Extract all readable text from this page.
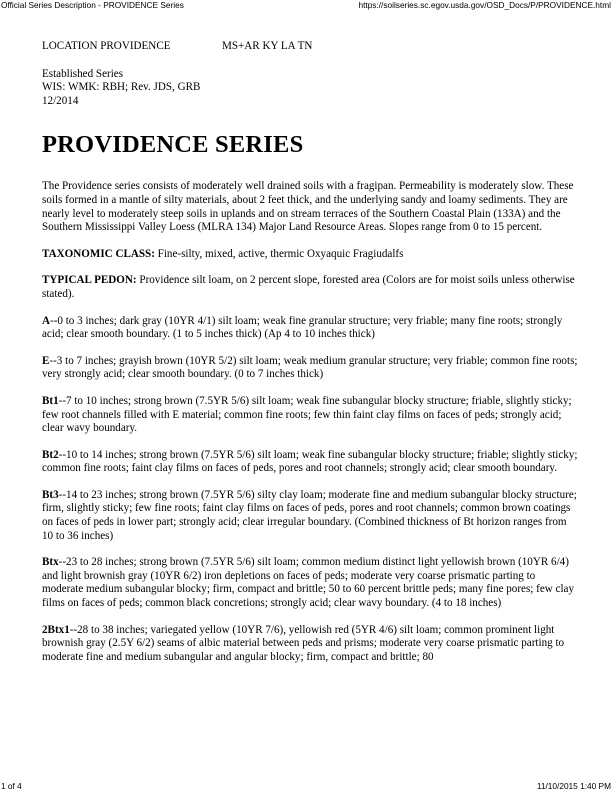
Official Series Description - PROVIDENCE Series	https://soilseries.sc.egov.usda.gov/OSD_Docs/P/PROVIDENCE.html
LOCATION PROVIDENCE	MS+AR KY LA TN
Established Series
WIS: WMK: RBH; Rev. JDS, GRB
12/2014
PROVIDENCE SERIES

The Providence series consists of moderately well drained soils with a fragipan. Permeability is moderately slow. These soils formed in a mantle of silty materials, about 2 feet thick, and the underlying sandy and loamy sediments. They are nearly level to moderately steep soils in uplands and on stream terraces of the Southern Coastal Plain (133A) and the Southern Mississippi Valley Loess (MLRA 134) Major Land Resource Areas. Slopes range from 0 to 15 percent.

TAXONOMIC CLASS: Fine-silty, mixed, active, thermic Oxyaquic Fragiudalfs

TYPICAL PEDON: Providence silt loam, on 2 percent slope, forested area (Colors are for moist soils unless otherwise stated).

A--0 to 3 inches; dark gray (10YR 4/1) silt loam; weak fine granular structure; very friable; many fine roots; strongly acid; clear smooth boundary. (1 to 5 inches thick) (Ap 4 to 10 inches thick)

E--3 to 7 inches; grayish brown (10YR 5/2) silt loam; weak medium granular structure; very friable; common fine roots; very strongly acid; clear smooth boundary. (0 to 7 inches thick)

Bt1--7 to 10 inches; strong brown (7.5YR 5/6) silt loam; weak fine subangular blocky structure; friable, slightly sticky; few root channels filled with E material; common fine roots; few thin faint clay films on faces of peds; strongly acid; clear wavy boundary.

Bt2--10 to 14 inches; strong brown (7.5YR 5/6) silt loam; weak fine subangular blocky structure; friable; slightly sticky; common fine roots; faint clay films on faces of peds, pores and root channels; strongly acid; clear smooth boundary.

Bt3--14 to 23 inches; strong brown (7.5YR 5/6) silty clay loam; moderate fine and medium subangular blocky structure; firm, slightly sticky; few fine roots; faint clay films on faces of peds, pores and root channels; common brown coatings on faces of peds in lower part; strongly acid; clear irregular boundary. (Combined thickness of Bt horizon ranges from 10 to 36 inches)

Btx--23 to 28 inches; strong brown (7.5YR 5/6) silt loam; common medium distinct light yellowish brown (10YR 6/4) and light brownish gray (10YR 6/2) iron depletions on faces of peds; moderate very coarse prismatic parting to moderate medium subangular blocky; firm, compact and brittle; 50 to 60 percent brittle peds; many fine pores; few clay films on faces of peds; common black concretions; strongly acid; clear wavy boundary. (4 to 18 inches)

2Btx1--28 to 38 inches; variegated yellow (10YR 7/6), yellowish red (5YR 4/6) silt loam; common prominent light brownish gray (2.5Y 6/2) seams of albic material between peds and prisms; moderate very coarse prismatic parting to moderate fine and medium subangular and angular blocky; firm, compact and brittle; 80

1 of 4	11/10/2015 1:40 PM
